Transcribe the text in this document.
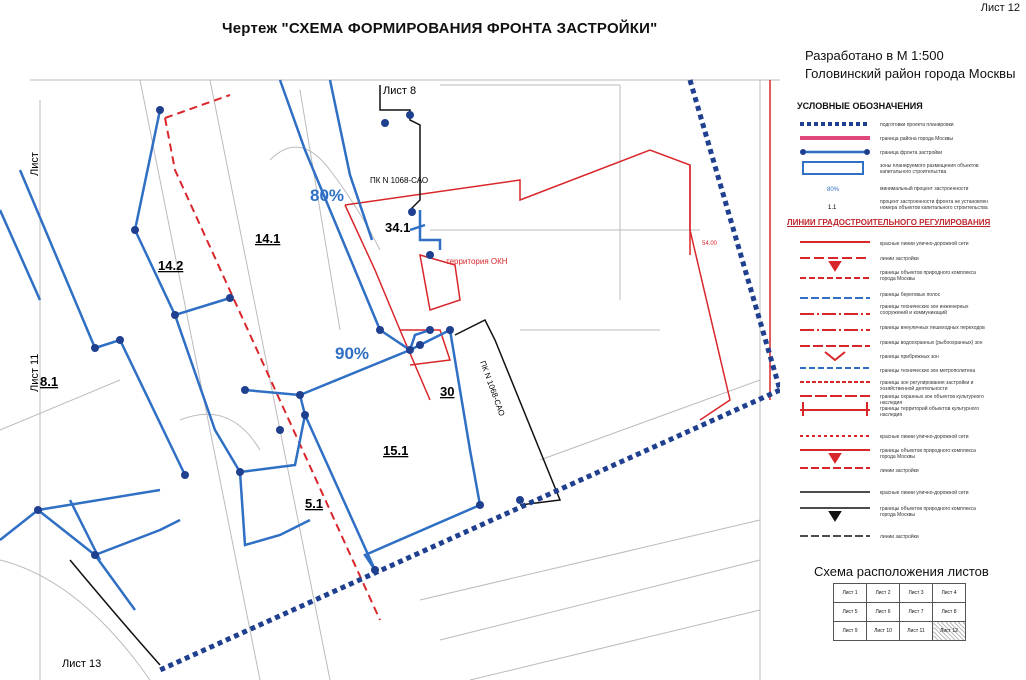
Чертеж "СХЕМА ФОРМИРОВАНИЯ ФРОНТА ЗАСТРОЙКИ"
Лист 12
Разработано в М 1:500
Головинский район города Москвы
14.2
14.1
34.1
8.1
30
15.1
5.1
80%
90%
ПК N 1068-САО
ПК N 1068-САО
территория ОКН
54.00
Лист 8
Лист
Лист 11
Лист 13
УСЛОВНЫЕ ОБОЗНАЧЕНИЯ
80%
1.1
подготовки проекта планировки
граница района города Москвы
граница фронта застройки
зоны планируемого размещения объектов капитального строительства
минимальный процент застроенности
процент застроенности фронта не установлен номера объектов капитального строительства
ЛИНИИ ГРАДОСТРОИТЕЛЬНОГО РЕГУЛИРОВАНИЯ
красные линии улично-дорожной сети
линии застройки
границы объектов природного комплекса города Москвы
границы береговых полос
границы технических зон инженерных сооружений и коммуникаций
границы внеуличных пешеходных переходов
границы водоохранных (рыбоохранных) зон
границы прибрежных зон
границы технических зон метрополитена
границы зон регулирования застройки и хозяйственной деятельности
границы охранных зон объектов культурного наследия
границы территорий объектов культурного наследия
красные линии улично-дорожной сети
границы объектов природного комплекса города Москвы
линии застройки
красные линии улично-дорожной сети
границы объектов природного комплекса города Москвы
линии застройки
Схема расположения листов
Лист 1	Лист 2	Лист 3	Лист 4
Лист 5	Лист 6	Лист 7	Лист 8
Лист 9	Лист 10	Лист 11	Лист 12
